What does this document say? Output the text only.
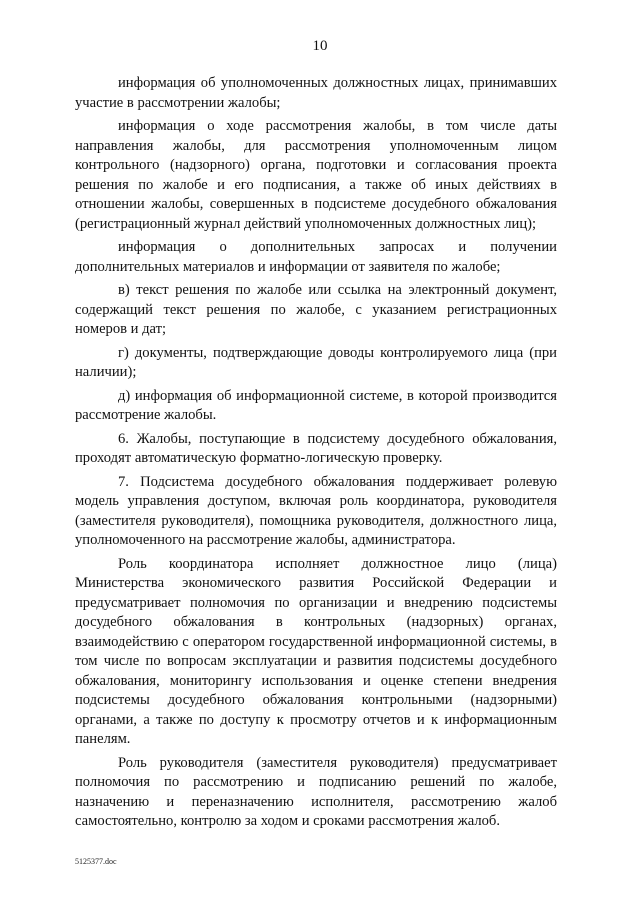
10

информация об уполномоченных должностных лицах, принимавших участие в рассмотрении жалобы;

информация о ходе рассмотрения жалобы, в том числе даты направления жалобы, для рассмотрения уполномоченным лицом контрольного (надзорного) органа, подготовки и согласования проекта решения по жалобе и его подписания, а также об иных действиях в отношении жалобы, совершенных в подсистеме досудебного обжалования (регистрационный журнал действий уполномоченных должностных лиц);

информация о дополнительных запросах и получении дополнительных материалов и информации от заявителя по жалобе;

в) текст решения по жалобе или ссылка на электронный документ, содержащий текст решения по жалобе, с указанием регистрационных номеров и дат;

г) документы, подтверждающие доводы контролируемого лица (при наличии);

д) информация об информационной системе, в которой производится рассмотрение жалобы.

6. Жалобы, поступающие в подсистему досудебного обжалования, проходят автоматическую форматно-логическую проверку.

7. Подсистема досудебного обжалования поддерживает ролевую модель управления доступом, включая роль координатора, руководителя (заместителя руководителя), помощника руководителя, должностного лица, уполномоченного на рассмотрение жалобы, администратора.

Роль координатора исполняет должностное лицо (лица) Министерства экономического развития Российской Федерации и предусматривает полномочия по организации и внедрению подсистемы досудебного обжалования в контрольных (надзорных) органах, взаимодействию с оператором государственной информационной системы, в том числе по вопросам эксплуатации и развития подсистемы досудебного обжалования, мониторингу использования и оценке степени внедрения подсистемы досудебного обжалования контрольными (надзорными) органами, а также по доступу к просмотру отчетов и к информационным панелям.

Роль руководителя (заместителя руководителя) предусматривает полномочия по рассмотрению и подписанию решений по жалобе, назначению и переназначению исполнителя, рассмотрению жалоб самостоятельно, контролю за ходом и сроками рассмотрения жалоб.

5125377.doc
